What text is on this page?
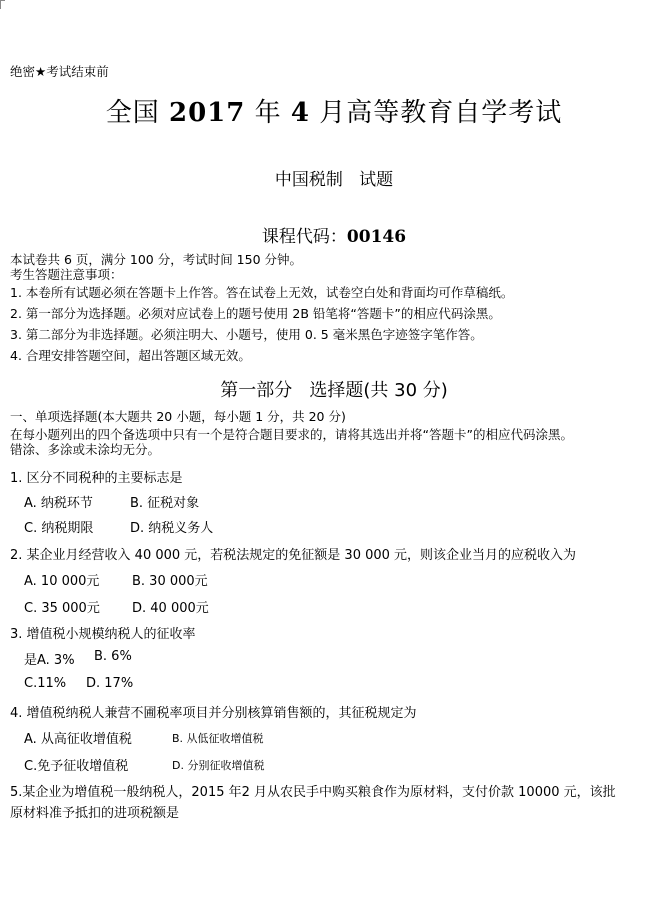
绝密★考试结束前
全国 2017 年 4 月高等教育自学考试
中国税制   试题
课程代码：00146
本试卷共 6 页，满分 100 分，考试时间 150 分钟。
考生答题注意事项：
1. 本卷所有试题必须在答题卡上作答。答在试卷上无效，试卷空白处和背面均可作草稿纸。
2. 第一部分为选择题。必须对应试卷上的题号使用 2B 铅笔将“答题卡”的相应代码涂黑。
3. 第二部分为非选择题。必须注明大、小题号，使用 0. 5 毫米黑色字迹签字笔作答。
4. 合理安排答题空间，超出答题区域无效。
第一部分   选择题(共 30 分)
一、单项选择题(本大题共 20 小题，每小题 1 分，共 20 分)
在每小题列出的四个备选项中只有一个是符合题目要求的，请将其选出并将“答题卡”的相应代码涂黑。
错涂、多涂或未涂均无分。
1. 区分不同税种的主要标志是
A. 纳税环节	B. 征税对象
C. 纳税期限	D. 纳税义务人
2. 某企业月经营收入 40 000 元，若税法规定的免征额是 30 000 元，则该企业当月的应税收入为
A. 10 000元	B. 30 000元
C. 35 000元 D. 40 000元
3. 增值税小规模纳税人的征收率
是A. 3% B. 6%
C.11% D. 17%
4. 增值税纳税人兼营不圃税率项目并分别核算销售额的，其征税规定为
A. 从高征收增值税	B. 从低征收增值税
C.免予征收增值税	D. 分别征收增值税
5.某企业为增值税一般纳税人，2015 年2 月从农民手中购买粮食作为原材料，支付价款 10000 元，该批
原材料准予抵扣的进项税额是
